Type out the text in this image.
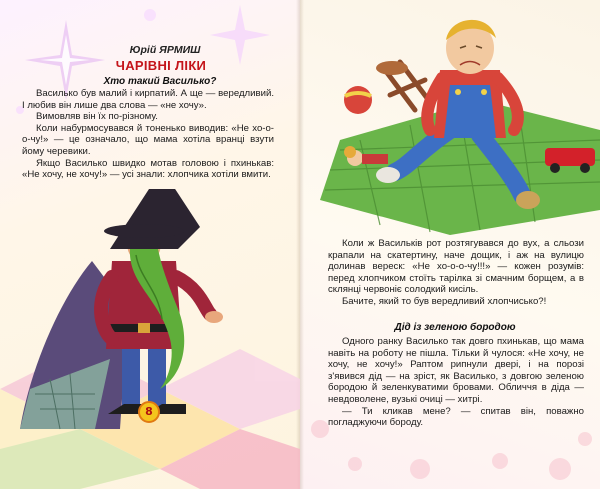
Юрій ЯРМИШ
ЧАРІВНІ ЛІКИ
Хто такий Василько?

Василько був малий і кирпатий. А ще — вередливий. І любив він лише два слова — «не хочу».

Вимовляв він їх по-різному.

Коли набурмосувався й тоненько виводив: «Не хо-о-о-чу!» — це означало, що мама хотіла вранці взути йому черевики.

Якщо Василько швидко мотав головою і пхинькав: «Не хочу, не хочу!» — усі знали: хлопчика хотіли вмити.

8

Коли ж Васильків рот розтягувався до вух, а сльози крапали на скатертину, наче дощик, і аж на вулицю долинав вереск: «Не хо-о-о-чу!!!» — кожен розумів: перед хлопчиком стоїть тарілка зі смачним борщем, а в склянці червоніє солодкий кисіль.

Бачите, який то був вередливий хлопчисько?!

Дід із зеленою бородою

Одного ранку Василько так довго пхинькав, що мама навіть на роботу не пішла. Тільки й чулося: «Не хочу, не хочу, не хочу!» Раптом рипнули двері, і на порозі з'явився дід — на зріст, як Василько, з довгою зеленою бородою й зеленкуватими бровами. Обличчя в діда — невдоволене, вузькі очиці — хитрі.

— Ти кликав мене? — спитав він, поважно погладжуючи бороду.
